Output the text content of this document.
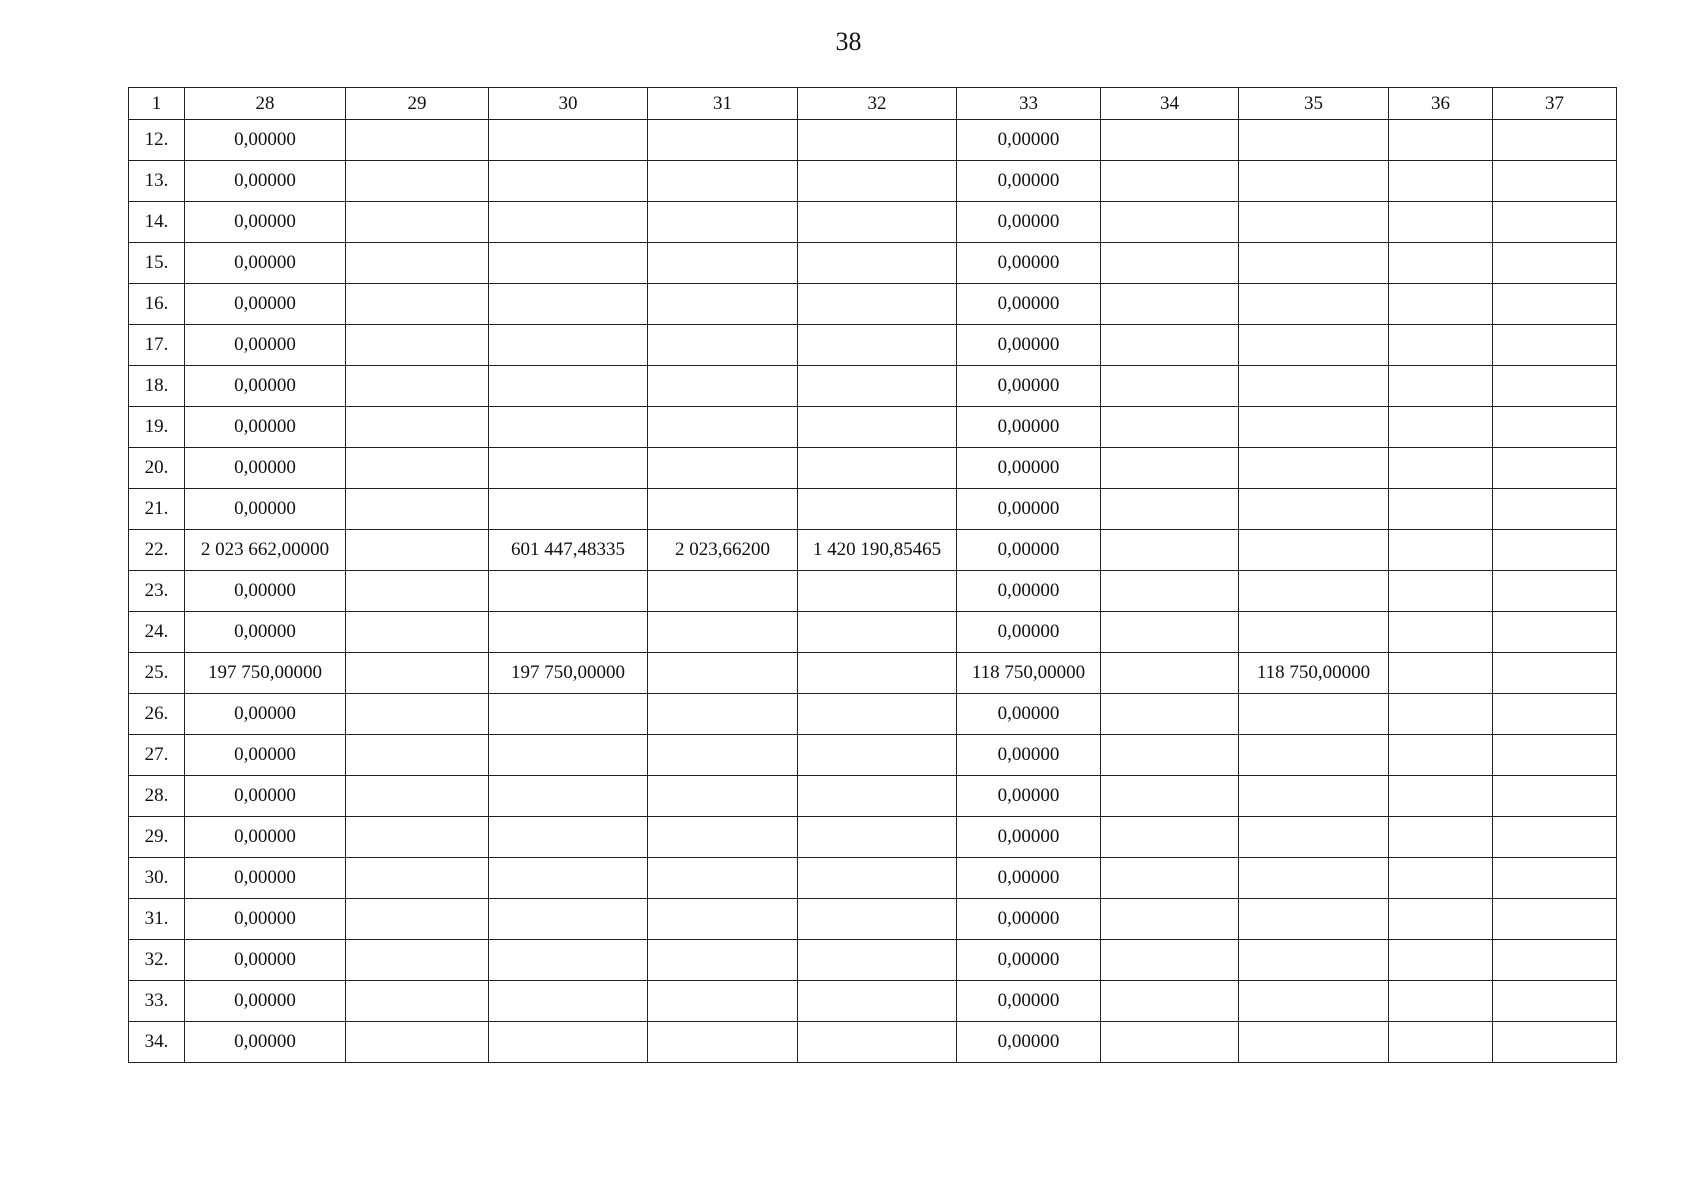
38
1	28	29	30	31	32	33	34	35	36	37
12.	0,00000					0,00000				
13.	0,00000					0,00000				
14.	0,00000					0,00000				
15.	0,00000					0,00000				
16.	0,00000					0,00000				
17.	0,00000					0,00000				
18.	0,00000					0,00000				
19.	0,00000					0,00000				
20.	0,00000					0,00000				
21.	0,00000					0,00000				
22.	2 023 662,00000		601 447,48335	2 023,66200	1 420 190,85465	0,00000				
23.	0,00000					0,00000				
24.	0,00000					0,00000				
25.	197 750,00000		197 750,00000			118 750,00000		118 750,00000		
26.	0,00000					0,00000				
27.	0,00000					0,00000				
28.	0,00000					0,00000				
29.	0,00000					0,00000				
30.	0,00000					0,00000				
31.	0,00000					0,00000				
32.	0,00000					0,00000				
33.	0,00000					0,00000				
34.	0,00000					0,00000				
